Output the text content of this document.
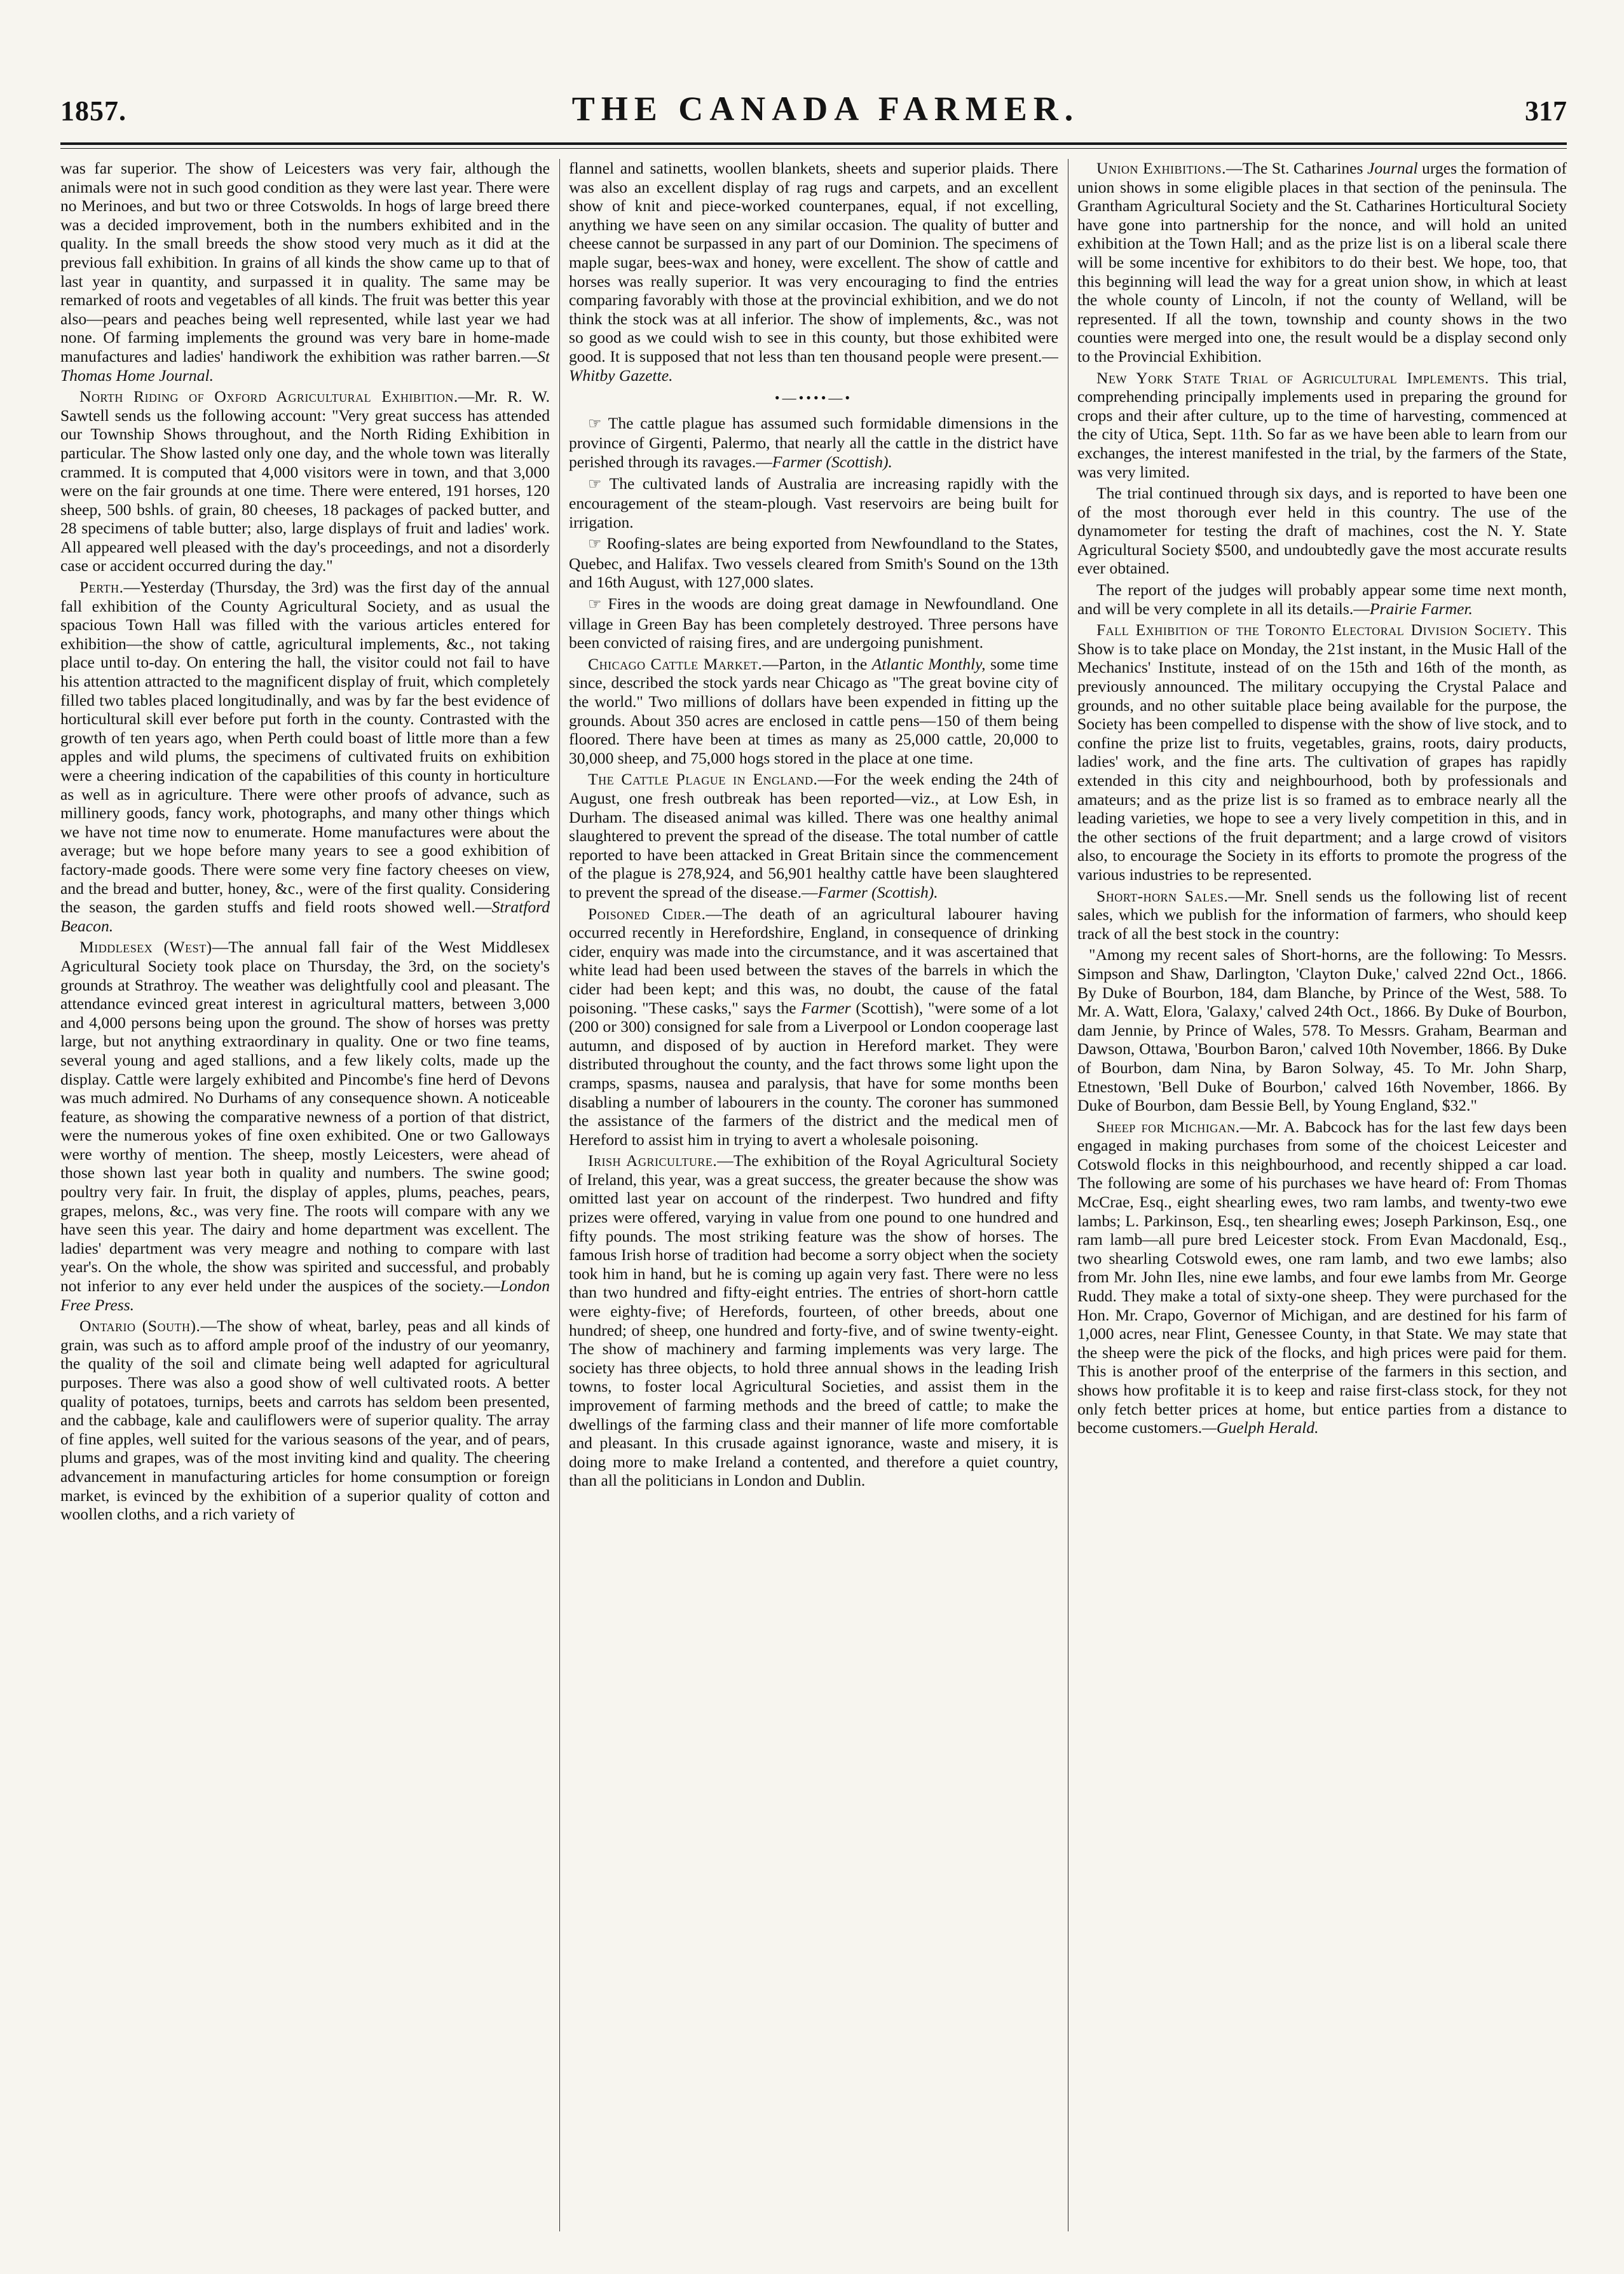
1857.	THE CANADA FARMER.	317

was far superior. The show of Leicesters was very fair, although the animals were not in such good condition as they were last year. There were no Merinoes, and but two or three Cotswolds. In hogs of large breed there was a decided improvement, both in the numbers exhibited and in the quality. In the small breeds the show stood very much as it did at the previous fall exhibition. In grains of all kinds the show came up to that of last year in quantity, and surpassed it in quality. The same may be remarked of roots and vegetables of all kinds. The fruit was better this year also—pears and peaches being well represented, while last year we had none. Of farming implements the ground was very bare in home-made manufactures and ladies' handiwork the exhibition was rather barren.—St Thomas Home Journal.

North Riding of Oxford Agricultural Exhibition.—Mr. R. W. Sawtell sends us the following account: "Very great success has attended our Township Shows throughout, and the North Riding Exhibition in particular. The Show lasted only one day, and the whole town was literally crammed. It is computed that 4,000 visitors were in town, and that 3,000 were on the fair grounds at one time. There were entered, 191 horses, 120 sheep, 500 bshls. of grain, 80 cheeses, 18 packages of packed butter, and 28 specimens of table butter; also, large displays of fruit and ladies' work. All appeared well pleased with the day's proceedings, and not a disorderly case or accident occurred during the day."

Perth.—Yesterday (Thursday, the 3rd) was the first day of the annual fall exhibition of the County Agricultural Society, and as usual the spacious Town Hall was filled with the various articles entered for exhibition—the show of cattle, agricultural implements, &c., not taking place until to-day. On entering the hall, the visitor could not fail to have his attention attracted to the magnificent display of fruit, which completely filled two tables placed longitudinally, and was by far the best evidence of horticultural skill ever before put forth in the county. Contrasted with the growth of ten years ago, when Perth could boast of little more than a few apples and wild plums, the specimens of cultivated fruits on exhibition were a cheering indication of the capabilities of this county in horticulture as well as in agriculture. There were other proofs of advance, such as millinery goods, fancy work, photographs, and many other things which we have not time now to enumerate. Home manufactures were about the average; but we hope before many years to see a good exhibition of factory-made goods. There were some very fine factory cheeses on view, and the bread and butter, honey, &c., were of the first quality. Considering the season, the garden stuffs and field roots showed well.—Stratford Beacon.

Middlesex (West)—The annual fall fair of the West Middlesex Agricultural Society took place on Thursday, the 3rd, on the society's grounds at Strathroy. The weather was delightfully cool and pleasant. The attendance evinced great interest in agricultural matters, between 3,000 and 4,000 persons being upon the ground. The show of horses was pretty large, but not anything extraordinary in quality. One or two fine teams, several young and aged stallions, and a few likely colts, made up the display. Cattle were largely exhibited and Pincombe's fine herd of Devons was much admired. No Durhams of any consequence shown. A noticeable feature, as showing the comparative newness of a portion of that district, were the numerous yokes of fine oxen exhibited. One or two Galloways were worthy of mention. The sheep, mostly Leicesters, were ahead of those shown last year both in quality and numbers. The swine good; poultry very fair. In fruit, the display of apples, plums, peaches, pears, grapes, melons, &c., was very fine. The roots will compare with any we have seen this year. The dairy and home department was excellent. The ladies' department was very meagre and nothing to compare with last year's. On the whole, the show was spirited and successful, and probably not inferior to any ever held under the auspices of the society.—London Free Press.

Ontario (South).—The show of wheat, barley, peas and all kinds of grain, was such as to afford ample proof of the industry of our yeomanry, the quality of the soil and climate being well adapted for agricultural purposes. There was also a good show of well cultivated roots. A better quality of potatoes, turnips, beets and carrots has seldom been presented, and the cabbage, kale and cauliflowers were of superior quality. The array of fine apples, well suited for the various seasons of the year, and of pears, plums and grapes, was of the most inviting kind and quality. The cheering advancement in manufacturing articles for home consumption or foreign market, is evinced by the exhibition of a superior quality of cotton and woollen cloths, and a rich variety of

flannel and satinetts, woollen blankets, sheets and superior plaids. There was also an excellent display of rag rugs and carpets, and an excellent show of knit and piece-worked counterpanes, equal, if not excelling, anything we have seen on any similar occasion. The quality of butter and cheese cannot be surpassed in any part of our Dominion. The specimens of maple sugar, bees-wax and honey, were excellent. The show of cattle and horses was really superior. It was very encouraging to find the entries comparing favorably with those at the provincial exhibition, and we do not think the stock was at all inferior. The show of implements, &c., was not so good as we could wish to see in this county, but those exhibited were good. It is supposed that not less than ten thousand people were present.—Whitby Gazette.

•—••••—•

☞ The cattle plague has assumed such formidable dimensions in the province of Girgenti, Palermo, that nearly all the cattle in the district have perished through its ravages.—Farmer (Scottish).

☞ The cultivated lands of Australia are increasing rapidly with the encouragement of the steam-plough. Vast reservoirs are being built for irrigation.

☞ Roofing-slates are being exported from Newfoundland to the States, Quebec, and Halifax. Two vessels cleared from Smith's Sound on the 13th and 16th August, with 127,000 slates.

☞ Fires in the woods are doing great damage in Newfoundland. One village in Green Bay has been completely destroyed. Three persons have been convicted of raising fires, and are undergoing punishment.

Chicago Cattle Market.—Parton, in the Atlantic Monthly, some time since, described the stock yards near Chicago as "The great bovine city of the world." Two millions of dollars have been expended in fitting up the grounds. About 350 acres are enclosed in cattle pens—150 of them being floored. There have been at times as many as 25,000 cattle, 20,000 to 30,000 sheep, and 75,000 hogs stored in the place at one time.

The Cattle Plague in England.—For the week ending the 24th of August, one fresh outbreak has been reported—viz., at Low Esh, in Durham. The diseased animal was killed. There was one healthy animal slaughtered to prevent the spread of the disease. The total number of cattle reported to have been attacked in Great Britain since the commencement of the plague is 278,924, and 56,901 healthy cattle have been slaughtered to prevent the spread of the disease.—Farmer (Scottish).

Poisoned Cider.—The death of an agricultural labourer having occurred recently in Herefordshire, England, in consequence of drinking cider, enquiry was made into the circumstance, and it was ascertained that white lead had been used between the staves of the barrels in which the cider had been kept; and this was, no doubt, the cause of the fatal poisoning. "These casks," says the Farmer (Scottish), "were some of a lot (200 or 300) consigned for sale from a Liverpool or London cooperage last autumn, and disposed of by auction in Hereford market. They were distributed throughout the county, and the fact throws some light upon the cramps, spasms, nausea and paralysis, that have for some months been disabling a number of labourers in the county. The coroner has summoned the assistance of the farmers of the district and the medical men of Hereford to assist him in trying to avert a wholesale poisoning.

Irish Agriculture.—The exhibition of the Royal Agricultural Society of Ireland, this year, was a great success, the greater because the show was omitted last year on account of the rinderpest. Two hundred and fifty prizes were offered, varying in value from one pound to one hundred and fifty pounds. The most striking feature was the show of horses. The famous Irish horse of tradition had become a sorry object when the society took him in hand, but he is coming up again very fast. There were no less than two hundred and fifty-eight entries. The entries of short-horn cattle were eighty-five; of Herefords, fourteen, of other breeds, about one hundred; of sheep, one hundred and forty-five, and of swine twenty-eight. The show of machinery and farming implements was very large. The society has three objects, to hold three annual shows in the leading Irish towns, to foster local Agricultural Societies, and assist them in the improvement of farming methods and the breed of cattle; to make the dwellings of the farming class and their manner of life more comfortable and pleasant. In this crusade against ignorance, waste and misery, it is doing more to make Ireland a contented, and therefore a quiet country, than all the politicians in London and Dublin.

Union Exhibitions.—The St. Catharines Journal urges the formation of union shows in some eligible places in that section of the peninsula. The Grantham Agricultural Society and the St. Catharines Horticultural Society have gone into partnership for the nonce, and will hold an united exhibition at the Town Hall; and as the prize list is on a liberal scale there will be some incentive for exhibitors to do their best. We hope, too, that this beginning will lead the way for a great union show, in which at least the whole county of Lincoln, if not the county of Welland, will be represented. If all the town, township and county shows in the two counties were merged into one, the result would be a display second only to the Provincial Exhibition.

New York State Trial of Agricultural Implements. This trial, comprehending principally implements used in preparing the ground for crops and their after culture, up to the time of harvesting, commenced at the city of Utica, Sept. 11th. So far as we have been able to learn from our exchanges, the interest manifested in the trial, by the farmers of the State, was very limited.

The trial continued through six days, and is reported to have been one of the most thorough ever held in this country. The use of the dynamometer for testing the draft of machines, cost the N. Y. State Agricultural Society $500, and undoubtedly gave the most accurate results ever obtained.

The report of the judges will probably appear some time next month, and will be very complete in all its details.—Prairie Farmer.

Fall Exhibition of the Toronto Electoral Division Society. This Show is to take place on Monday, the 21st instant, in the Music Hall of the Mechanics' Institute, instead of on the 15th and 16th of the month, as previously announced. The military occupying the Crystal Palace and grounds, and no other suitable place being available for the purpose, the Society has been compelled to dispense with the show of live stock, and to confine the prize list to fruits, vegetables, grains, roots, dairy products, ladies' work, and the fine arts. The cultivation of grapes has rapidly extended in this city and neighbourhood, both by professionals and amateurs; and as the prize list is so framed as to embrace nearly all the leading varieties, we hope to see a very lively competition in this, and in the other sections of the fruit department; and a large crowd of visitors also, to encourage the Society in its efforts to promote the progress of the various industries to be represented.

Short-horn Sales.—Mr. Snell sends us the following list of recent sales, which we publish for the information of farmers, who should keep track of all the best stock in the country:

"Among my recent sales of Short-horns, are the following: To Messrs. Simpson and Shaw, Darlington, 'Clayton Duke,' calved 22nd Oct., 1866. By Duke of Bourbon, 184, dam Blanche, by Prince of the West, 588. To Mr. A. Watt, Elora, 'Galaxy,' calved 24th Oct., 1866. By Duke of Bourbon, dam Jennie, by Prince of Wales, 578. To Messrs. Graham, Bearman and Dawson, Ottawa, 'Bourbon Baron,' calved 10th November, 1866. By Duke of Bourbon, dam Nina, by Baron Solway, 45. To Mr. John Sharp, Etnestown, 'Bell Duke of Bourbon,' calved 16th November, 1866. By Duke of Bourbon, dam Bessie Bell, by Young England, $32."

Sheep for Michigan.—Mr. A. Babcock has for the last few days been engaged in making purchases from some of the choicest Leicester and Cotswold flocks in this neighbourhood, and recently shipped a car load. The following are some of his purchases we have heard of: From Thomas McCrae, Esq., eight shearling ewes, two ram lambs, and twenty-two ewe lambs; L. Parkinson, Esq., ten shearling ewes; Joseph Parkinson, Esq., one ram lamb—all pure bred Leicester stock. From Evan Macdonald, Esq., two shearling Cotswold ewes, one ram lamb, and two ewe lambs; also from Mr. John Iles, nine ewe lambs, and four ewe lambs from Mr. George Rudd. They make a total of sixty-one sheep. They were purchased for the Hon. Mr. Crapo, Governor of Michigan, and are destined for his farm of 1,000 acres, near Flint, Genessee County, in that State. We may state that the sheep were the pick of the flocks, and high prices were paid for them. This is another proof of the enterprise of the farmers in this section, and shows how profitable it is to keep and raise first-class stock, for they not only fetch better prices at home, but entice parties from a distance to become customers.—Guelph Herald.
